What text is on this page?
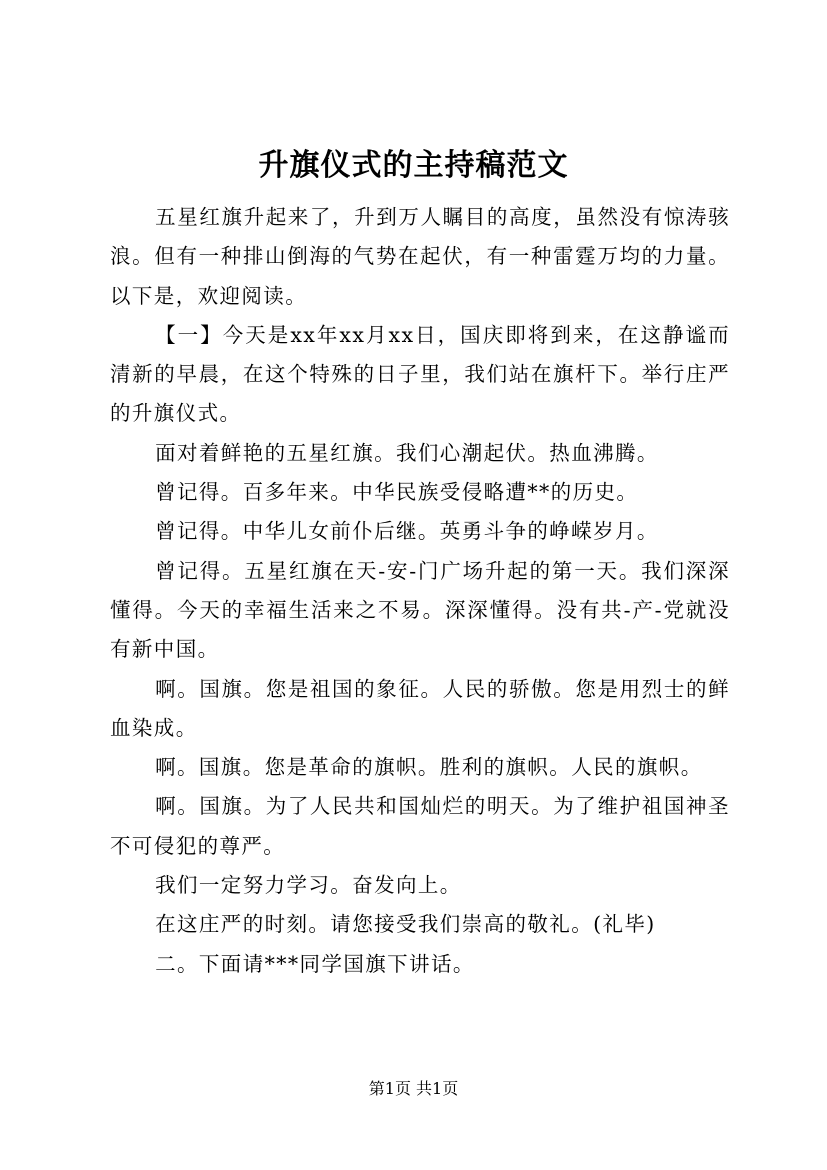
升旗仪式的主持稿范文

五星红旗升起来了，升到万人瞩目的高度，虽然没有惊涛骇浪。但有一种排山倒海的气势在起伏，有一种雷霆万均的力量。以下是，欢迎阅读。

【一】今天是xx年xx月xx日，国庆即将到来，在这静谧而清新的早晨，在这个特殊的日子里，我们站在旗杆下。举行庄严的升旗仪式。

面对着鲜艳的五星红旗。我们心潮起伏。热血沸腾。

曾记得。百多年来。中华民族受侵略遭**的历史。

曾记得。中华儿女前仆后继。英勇斗争的峥嵘岁月。

曾记得。五星红旗在天-安-门广场升起的第一天。我们深深懂得。今天的幸福生活来之不易。深深懂得。没有共-产-党就没有新中国。

啊。国旗。您是祖国的象征。人民的骄傲。您是用烈士的鲜血染成。

啊。国旗。您是革命的旗帜。胜利的旗帜。人民的旗帜。

啊。国旗。为了人民共和国灿烂的明天。为了维护祖国神圣不可侵犯的尊严。

我们一定努力学习。奋发向上。

在这庄严的时刻。请您接受我们崇高的敬礼。(礼毕)

二。下面请***同学国旗下讲话。

第1页 共1页
